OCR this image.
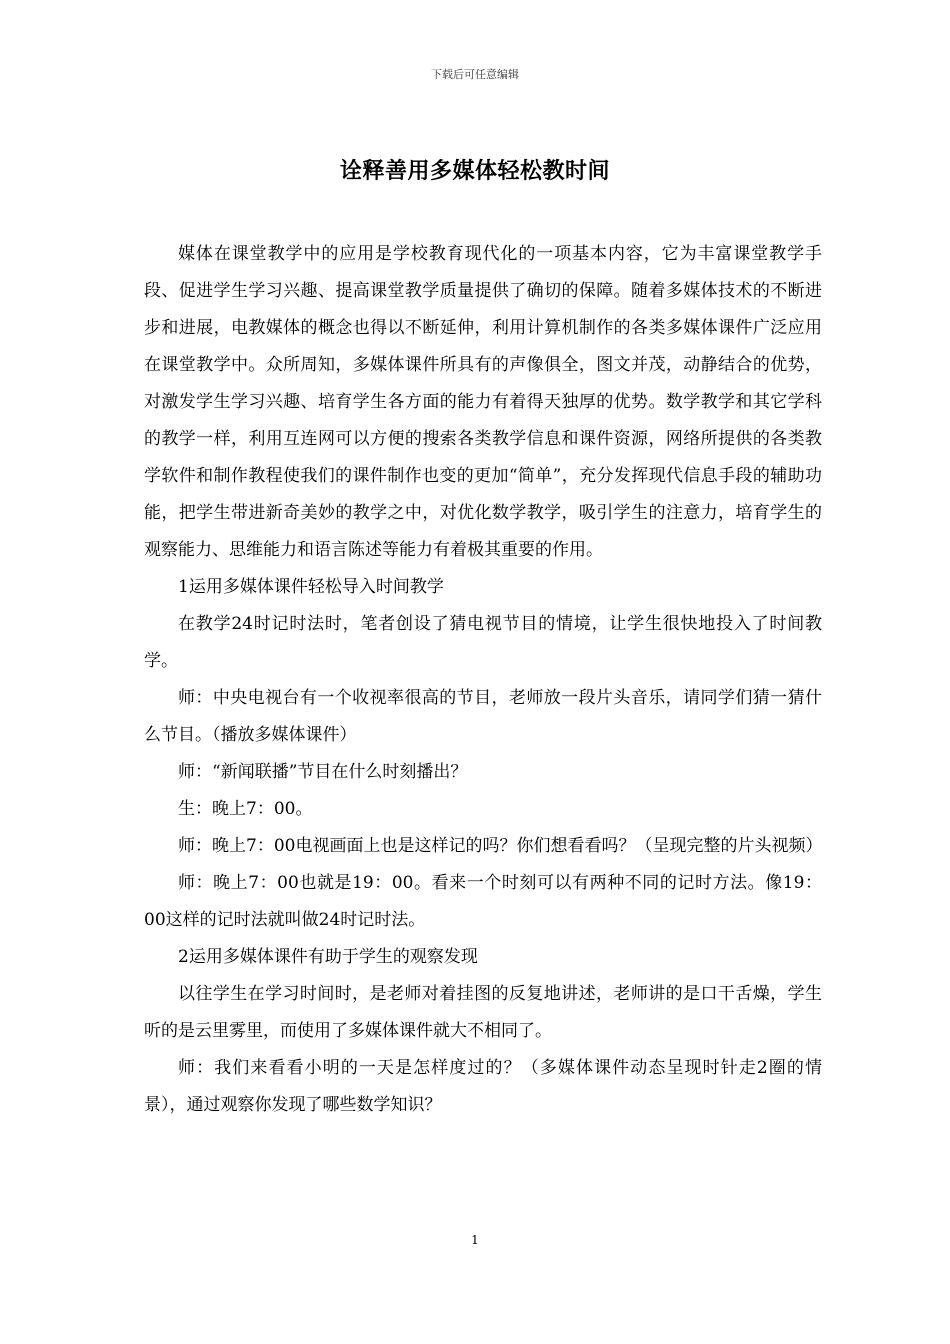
下载后可任意编辑
诠释善用多媒体轻松教时间

媒体在课堂教学中的应用是学校教育现代化的一项基本内容，它为丰富课堂教学手段、促进学生学习兴趣、提高课堂教学质量提供了确切的保障。随着多媒体技术的不断进步和进展，电教媒体的概念也得以不断延伸，利用计算机制作的各类多媒体课件广泛应用在课堂教学中。众所周知，多媒体课件所具有的声像俱全，图文并茂，动静结合的优势，对激发学生学习兴趣、培育学生各方面的能力有着得天独厚的优势。数学教学和其它学科的教学一样，利用互连网可以方便的搜索各类教学信息和课件资源，网络所提供的各类教学软件和制作教程使我们的课件制作也变的更加“简单”，充分发挥现代信息手段的辅助功能，把学生带进新奇美妙的教学之中，对优化数学教学，吸引学生的注意力，培育学生的观察能力、思维能力和语言陈述等能力有着极其重要的作用。

1运用多媒体课件轻松导入时间教学

在教学24时记时法时，笔者创设了猜电视节目的情境，让学生很快地投入了时间教学。

师：中央电视台有一个收视率很高的节目，老师放一段片头音乐，请同学们猜一猜什么节目。（播放多媒体课件）

师：“新闻联播”节目在什么时刻播出？

生：晚上7：00。

师：晚上7：00电视画面上也是这样记的吗？你们想看看吗？（呈现完整的片头视频）

师：晚上7：00也就是19：00。看来一个时刻可以有两种不同的记时方法。像19：00这样的记时法就叫做24时记时法。

2运用多媒体课件有助于学生的观察发现

以往学生在学习时间时，是老师对着挂图的反复地讲述，老师讲的是口干舌燥，学生听的是云里雾里，而使用了多媒体课件就大不相同了。

师：我们来看看小明的一天是怎样度过的？（多媒体课件动态呈现时针走2圈的情景），通过观察你发现了哪些数学知识？

1
